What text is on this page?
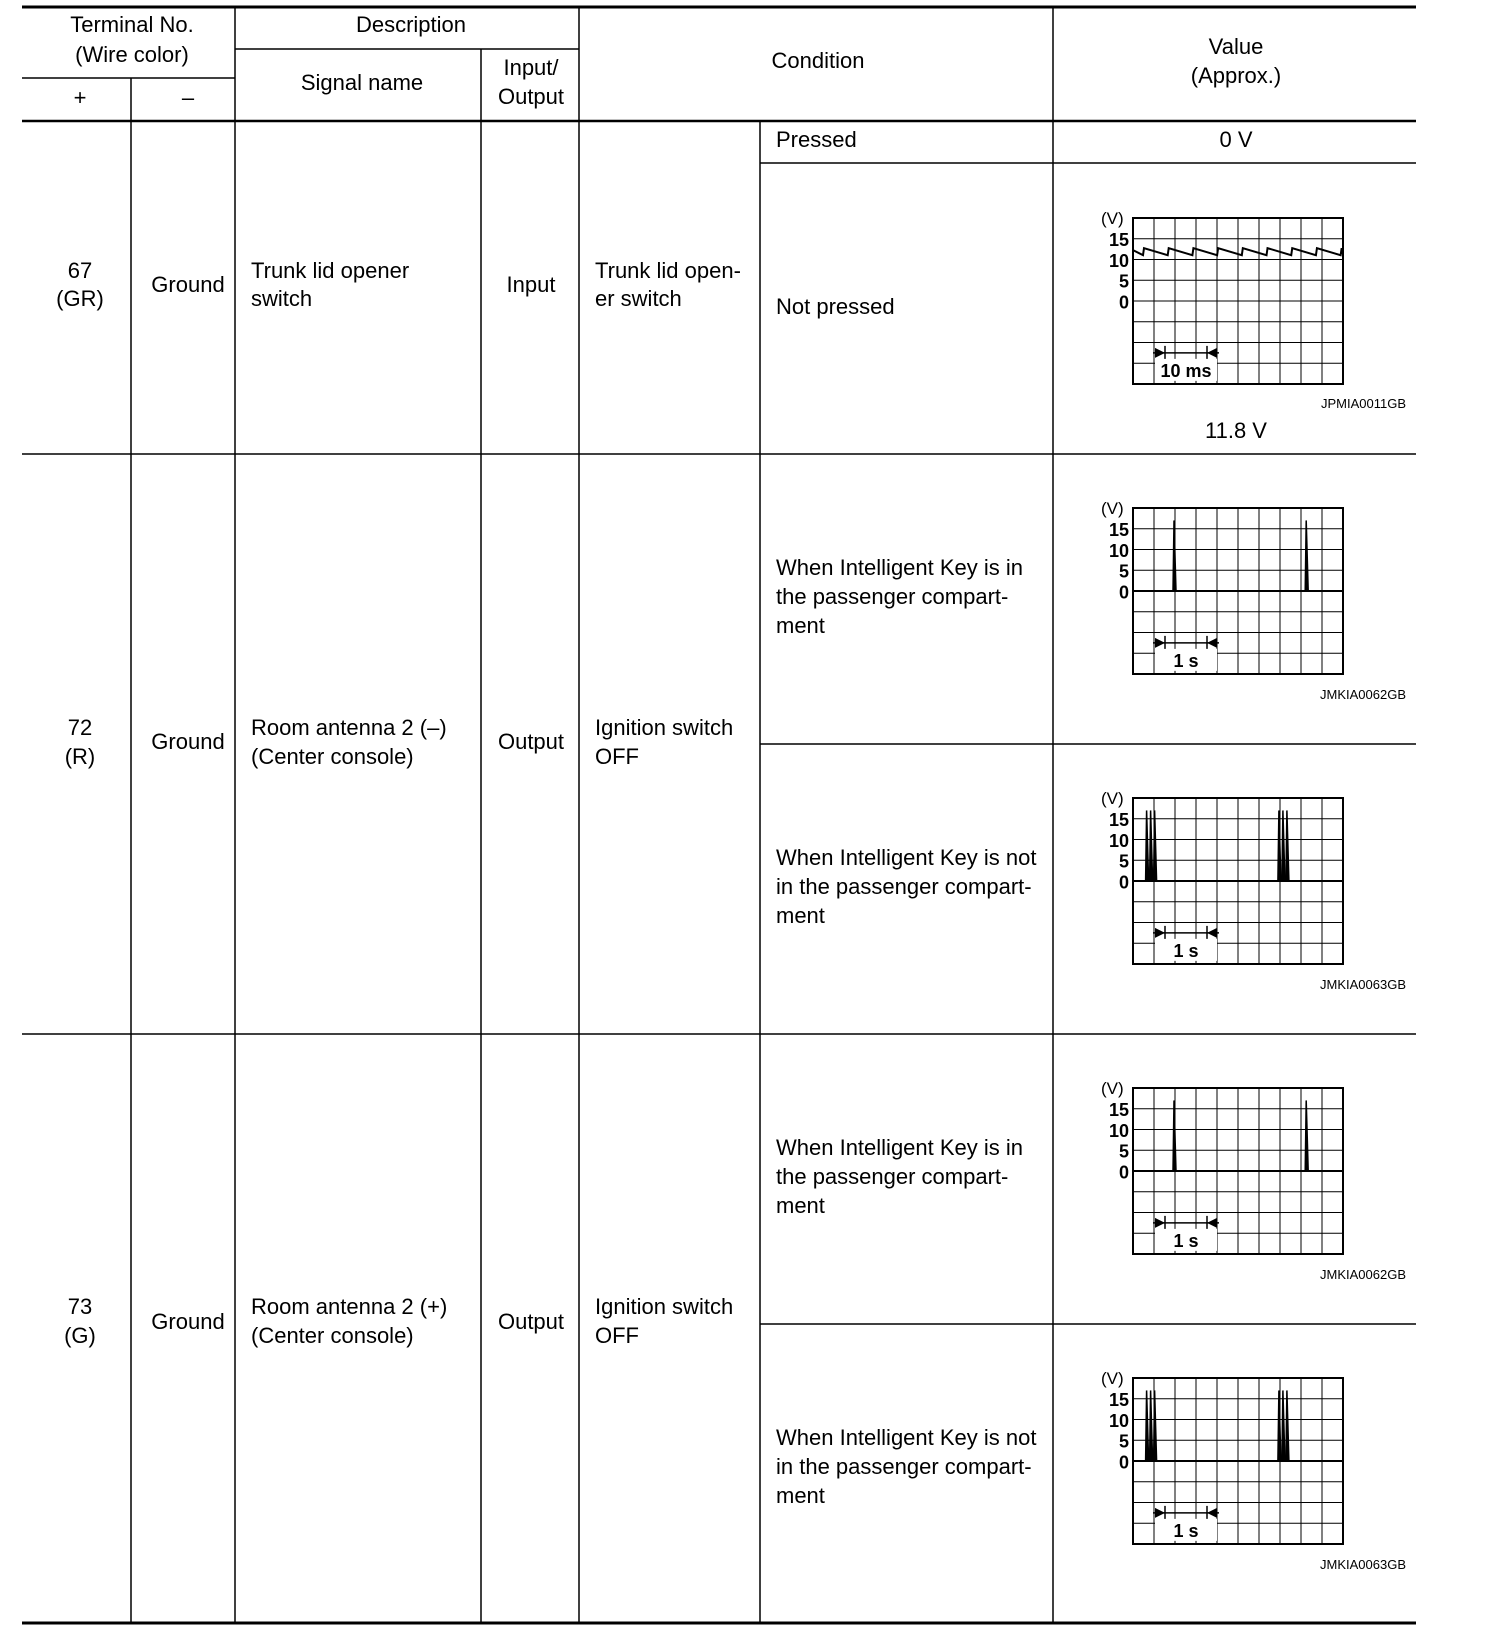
Terminal No.
(Wire color)
+	–
Description
Signal name
Input/
Output
Condition
Value
(Approx.)
67
(GR)
Ground
Trunk lid opener
switch
Input
Trunk lid open-
er switch
Pressed	0 V
Not pressed
(V)
15
10
5
0
10 ms
JPMIA0011GB
11.8 V
72
(R)
Ground
Room antenna 2 (–)
(Center console)
Output
Ignition switch
OFF
When Intelligent Key is in
the passenger compart-
ment
(V)
15
10
5
0
1 s
JMKIA0062GB
When Intelligent Key is not
in the passenger compart-
ment
(V)
15
10
5
0
1 s
JMKIA0063GB
73
(G)
Ground
Room antenna 2 (+)
(Center console)
Output
Ignition switch
OFF
When Intelligent Key is in
the passenger compart-
ment
(V)
15
10
5
0
1 s
JMKIA0062GB
When Intelligent Key is not
in the passenger compart-
ment
(V)
15
10
5
0
1 s
JMKIA0063GB
